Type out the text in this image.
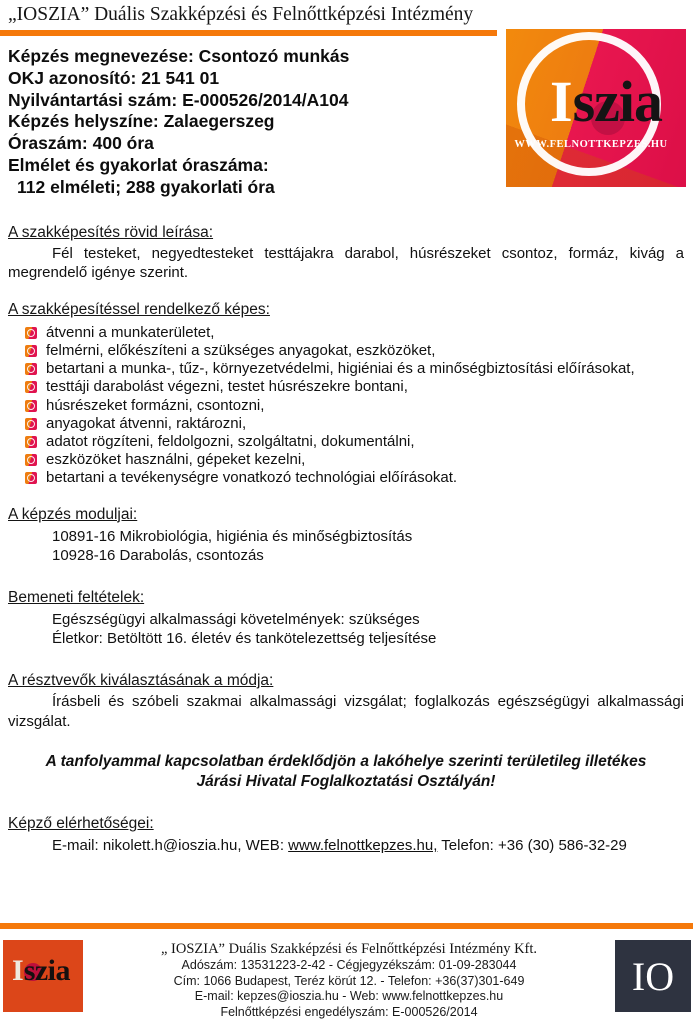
„IOSZIA” Duális Szakképzési és Felnőttképzési Intézmény
Iszia
WWW.FELNOTTKEPZES.HU
Képzés megnevezése: Csontozó munkás
OKJ azonosító: 21 541 01
Nyilvántartási szám: E-000526/2014/A104
Képzés helyszíne: Zalaegerszeg
Óraszám: 400 óra
Elmélet és gyakorlat óraszáma:
112 elméleti; 288 gyakorlati óra
A szakképesítés rövid leírása:

Fél testeket, negyedtesteket testtájakra darabol, húsrészeket csontoz, formáz, kivág a megrendelő igénye szerint.

A szakképesítéssel rendelkező képes:
átvenni a munkaterületet,
felmérni, előkészíteni a szükséges anyagokat, eszközöket,
betartani a munka-, tűz-, környezetvédelmi, higiéniai és a minőségbiztosítási előírásokat,
testtáji darabolást végezni, testet húsrészekre bontani,
húsrészeket formázni, csontozni,
anyagokat átvenni, raktározni,
adatot rögzíteni, feldolgozni, szolgáltatni, dokumentálni,
eszközöket használni, gépeket kezelni,
betartani a tevékenységre vonatkozó technológiai előírásokat.
A képzés moduljai:
10891-16 Mikrobiológia, higiénia és minőségbiztosítás
10928-16 Darabolás, csontozás
Bemeneti feltételek:
Egészségügyi alkalmassági követelmények: szükséges
Életkor: Betöltött 16. életév és tankötelezettség teljesítése
A résztvevők kiválasztásának a módja:

Írásbeli és szóbeli szakmai alkalmassági vizsgálat; foglalkozás egészségügyi alkalmassági vizsgálat.

A tanfolyammal kapcsolatban érdeklődjön a lakóhelye szerinti területileg illetékes Járási Hivatal Foglalkoztatási Osztályán!
Képző elérhetőségei:
E-mail: nikolett.h@ioszia.hu, WEB: www.felnottkepzes.hu, Telefon: +36 (30) 586-32-29
Iszia
„ IOSZIA” Duális Szakképzési és Felnőttképzési Intézmény Kft.
Adószám: 13531223-2-42 - Cégjegyzékszám: 01-09-283044
Cím: 1066 Budapest, Teréz körút 12. - Telefon: +36(37)301-649
E-mail: kepzes@ioszia.hu - Web: www.felnottkepzes.hu
Felnőttképzési engedélyszám: E-000526/2014
IO
